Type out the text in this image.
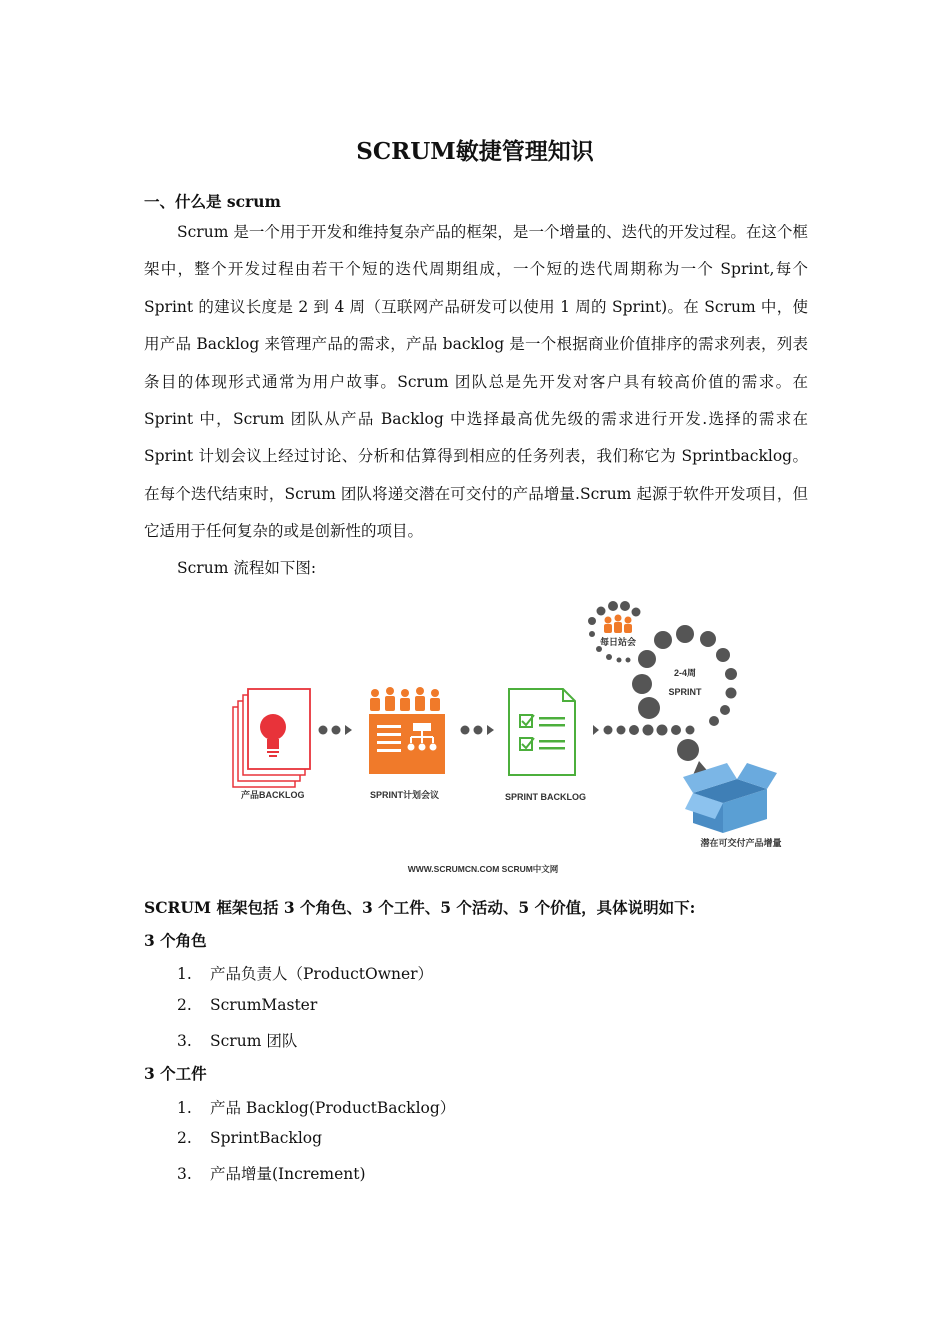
SCRUM敏捷管理知识
一、什么是 scrum
Scrum 是一个用于开发和维持复杂产品的框架，是一个增量的、迭代的开发过程。在这个框架中，整个开发过程由若干个短的迭代周期组成，一个短的迭代周期称为一个 Sprint,每个 Sprint 的建议长度是 2 到 4 周（互联网产品研发可以使用 1 周的 Sprint)。在 Scrum 中，使用产品 Backlog 来管理产品的需求，产品 backlog 是一个根据商业价值排序的需求列表，列表条目的体现形式通常为用户故事。Scrum 团队总是先开发对客户具有较高价值的需求。在 Sprint 中，Scrum 团队从产品 Backlog 中选择最高优先级的需求进行开发.选择的需求在 Sprint 计划会议上经过讨论、分析和估算得到相应的任务列表，我们称它为 Sprintbacklog。在每个迭代结束时，Scrum 团队将递交潜在可交付的产品增量.Scrum 起源于软件开发项目，但它适用于任何复杂的或是创新性的项目。
Scrum 流程如下图:
产品BACKLOG	SPRINT计划会议	SPRINT BACKLOG
2-4周
SPRINT
每日站会
潜在可交付产品增量
WWW.SCRUMCN.COM SCRUM中文网
SCRUM 框架包括 3 个角色、3 个工件、5 个活动、5 个价值，具体说明如下:
3 个角色
1. 产品负责人（ProductOwner）
2. ScrumMaster
3. Scrum 团队
3 个工件
1. 产品 Backlog(ProductBacklog）
2. SprintBacklog
3. 产品增量(Increment)
